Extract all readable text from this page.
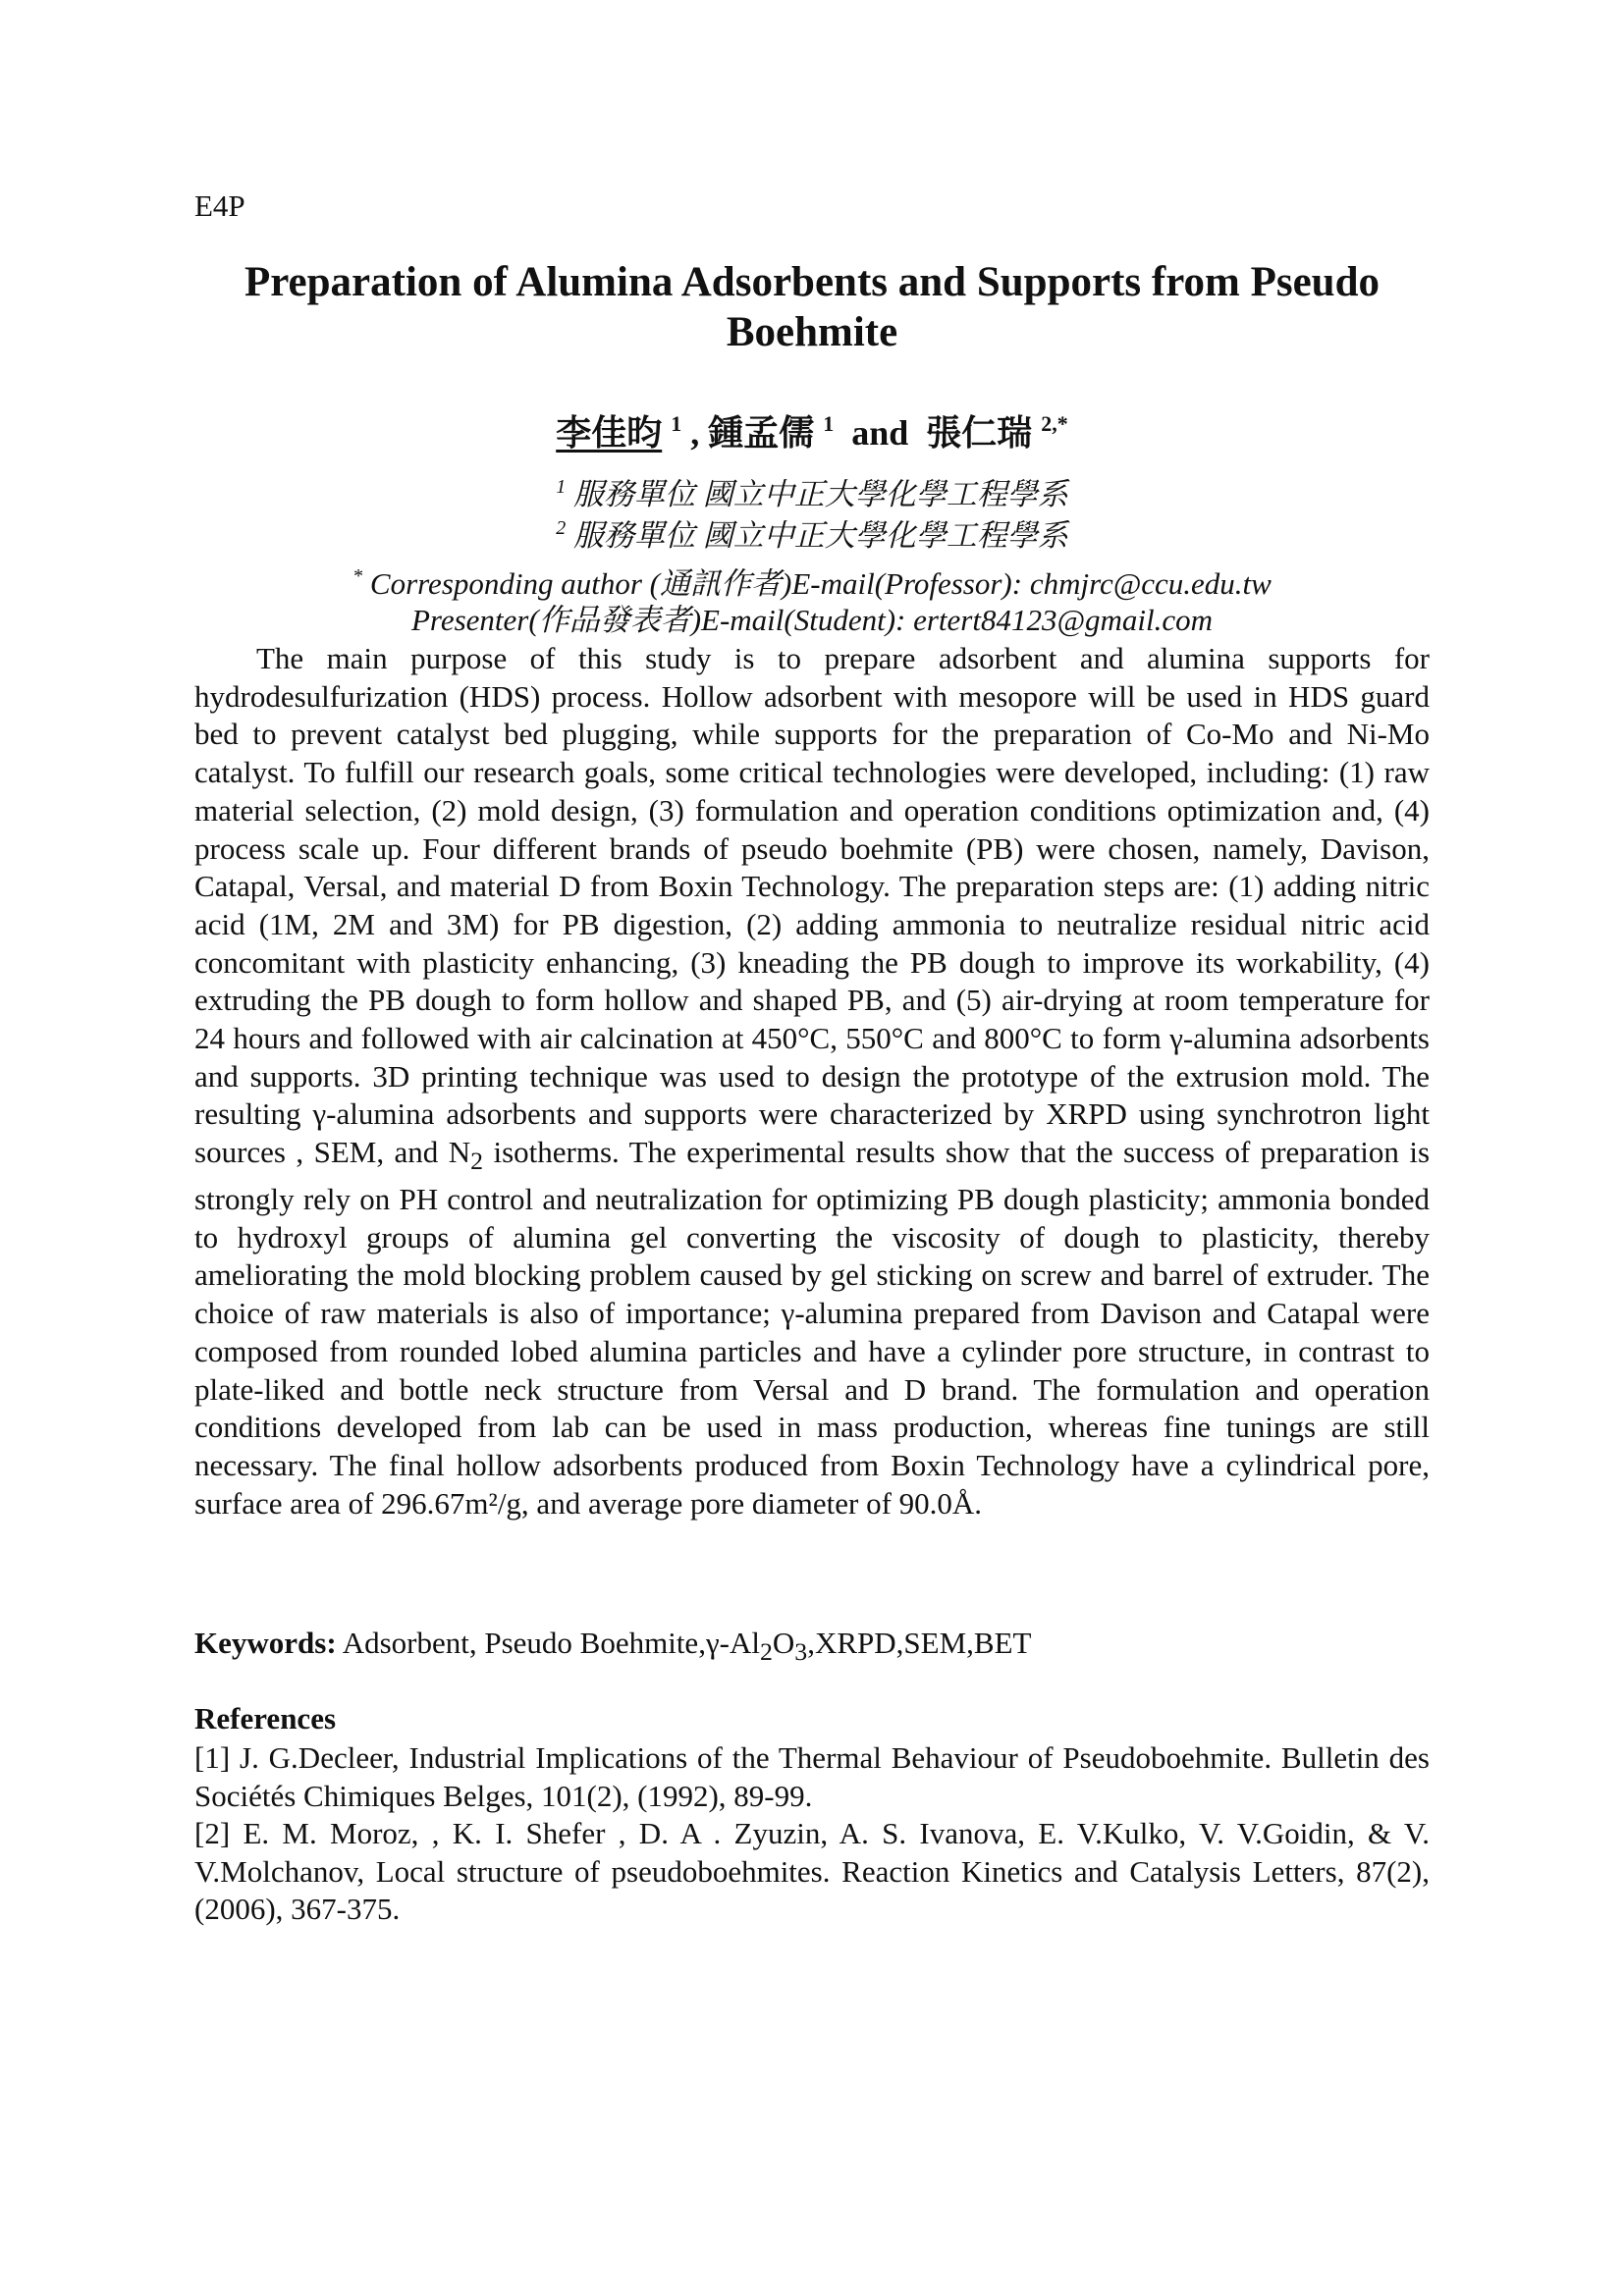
E4P
Preparation of Alumina Adsorbents and Supports from Pseudo Boehmite
李佳昀 $^1$ , 鍾孟儒 $^1$  and  張仁瑞 $^{2,*}$
$^1$ 服務單位 國立中正大學化學工程學系
$^2$ 服務單位 國立中正大學化學工程學系
* Corresponding author (通訊作者)E-mail(Professor): chmjrc@ccu.edu.tw
Presenter(作品發表者)E-mail(Student): ertert84123@gmail.com

The main purpose of this study is to prepare adsorbent and alumina supports for hydrodesulfurization (HDS) process. Hollow adsorbent with mesopore will be used in HDS guard bed to prevent catalyst bed plugging, while supports for the preparation of Co-Mo and Ni-Mo catalyst. To fulfill our research goals, some critical technologies were developed, including: (1) raw material selection, (2) mold design, (3) formulation and operation conditions optimization and, (4) process scale up. Four different brands of pseudo boehmite (PB) were chosen, namely, Davison, Catapal, Versal, and material D from Boxin Technology. The preparation steps are: (1) adding nitric acid (1M, 2M and 3M) for PB digestion, (2) adding ammonia to neutralize residual nitric acid concomitant with plasticity enhancing, (3) kneading the PB dough to improve its workability, (4) extruding the PB dough to form hollow and shaped PB, and (5) air-drying at room temperature for 24 hours and followed with air calcination at 450°C, 550°C and 800°C to form γ-alumina adsorbents and supports. 3D printing technique was used to design the prototype of the extrusion mold. The resulting γ-alumina adsorbents and supports were characterized by XRPD using synchrotron light sources , SEM, and $N_2$ isotherms. The experimental results show that the success of preparation is strongly rely on PH control and neutralization for optimizing PB dough plasticity; ammonia bonded to hydroxyl groups of alumina gel converting the viscosity of dough to plasticity, thereby ameliorating the mold blocking problem caused by gel sticking on screw and barrel of extruder. The choice of raw materials is also of importance; γ-alumina prepared from Davison and Catapal were composed from rounded lobed alumina particles and have a cylinder pore structure, in contrast to plate-liked and bottle neck structure from Versal and D brand. The formulation and operation conditions developed from lab can be used in mass production, whereas fine tunings are still necessary. The final hollow adsorbents produced from Boxin Technology have a cylindrical pore, surface area of 296.67m²/g, and average pore diameter of 90.0Å.

Keywords: Adsorbent, Pseudo $Boehmite,\gamma-Al_2O_3,XRPD,SEM,BET$
References

[1] J. G.Decleer, Industrial Implications of the Thermal Behaviour of Pseudoboehmite. Bulletin des Sociétés Chimiques Belges, 101(2), (1992), 89-99.

[2] E. M. Moroz, , K. I. Shefer , D. A . Zyuzin, A. S. Ivanova, E. V.Kulko, V. V.Goidin, & V. V.Molchanov, Local structure of pseudoboehmites. Reaction Kinetics and Catalysis Letters, 87(2), (2006), 367-375.
